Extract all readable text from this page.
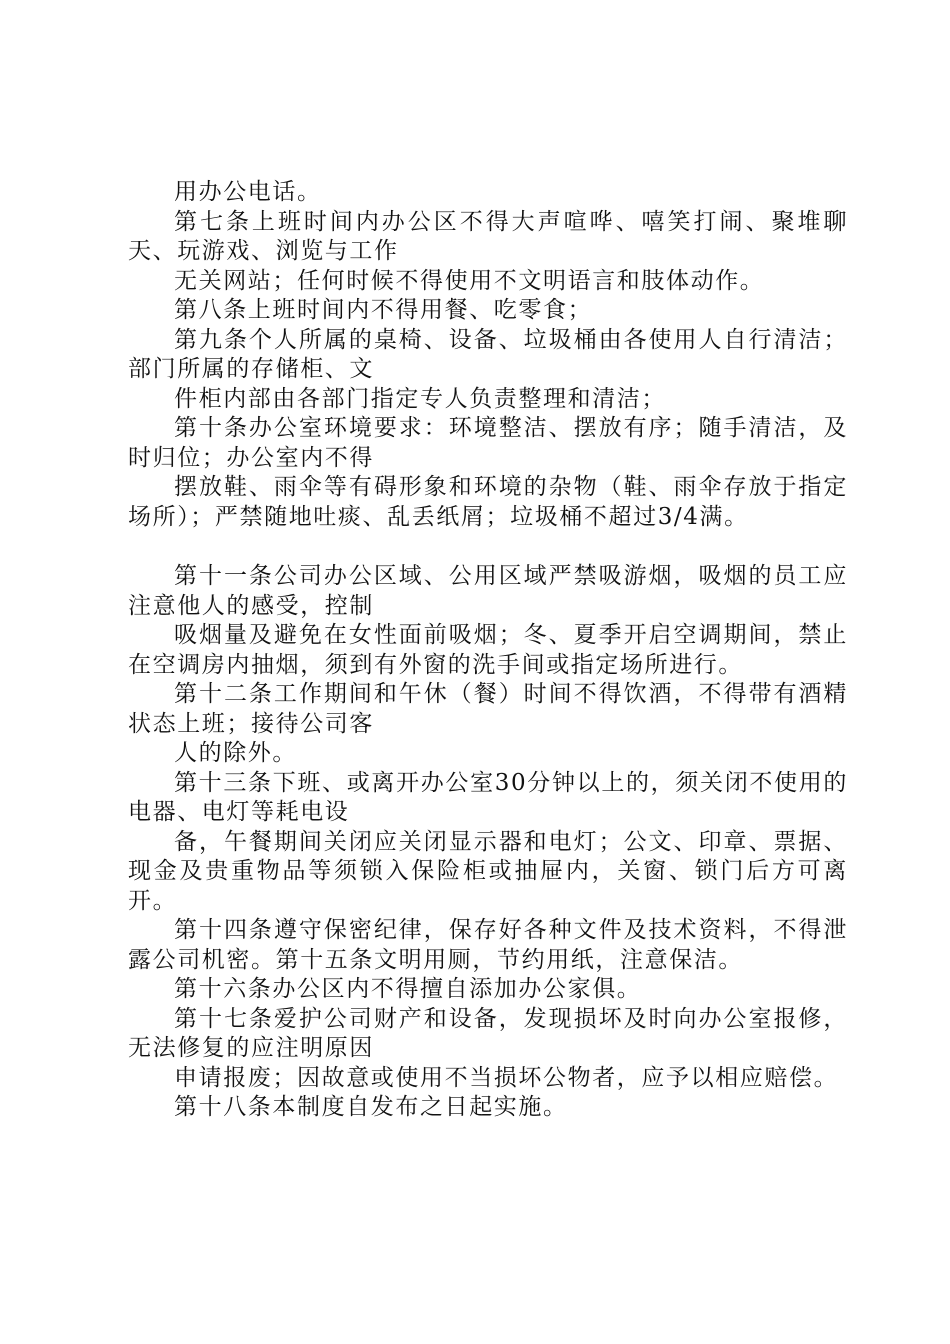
用办公电话。

第七条上班时间内办公区不得大声喧哗、嘻笑打闹、聚堆聊天、玩游戏、浏览与工作

无关网站；任何时候不得使用不文明语言和肢体动作。

第八条上班时间内不得用餐、吃零食；

第九条个人所属的桌椅、设备、垃圾桶由各使用人自行清洁；部门所属的存储柜、文

件柜内部由各部门指定专人负责整理和清洁；

第十条办公室环境要求：环境整洁、摆放有序；随手清洁，及时归位；办公室内不得

摆放鞋、雨伞等有碍形象和环境的杂物（鞋、雨伞存放于指定场所）；严禁随地吐痰、乱丢纸屑；垃圾桶不超过3/4满。

第十一条公司办公区域、公用区域严禁吸游烟，吸烟的员工应注意他人的感受，控制

吸烟量及避免在女性面前吸烟；冬、夏季开启空调期间，禁止在空调房内抽烟，须到有外窗的洗手间或指定场所进行。

第十二条工作期间和午休（餐）时间不得饮酒，不得带有酒精状态上班；接待公司客

人的除外。

第十三条下班、或离开办公室30分钟以上的，须关闭不使用的电器、电灯等耗电设

备，午餐期间关闭应关闭显示器和电灯；公文、印章、票据、现金及贵重物品等须锁入保险柜或抽屉内，关窗、锁门后方可离开。

第十四条遵守保密纪律，保存好各种文件及技术资料，不得泄露公司机密。第十五条文明用厕，节约用纸，注意保洁。

第十六条办公区内不得擅自添加办公家俱。

第十七条爱护公司财产和设备，发现损坏及时向办公室报修，无法修复的应注明原因

申请报废；因故意或使用不当损坏公物者，应予以相应赔偿。

第十八条本制度自发布之日起实施。
